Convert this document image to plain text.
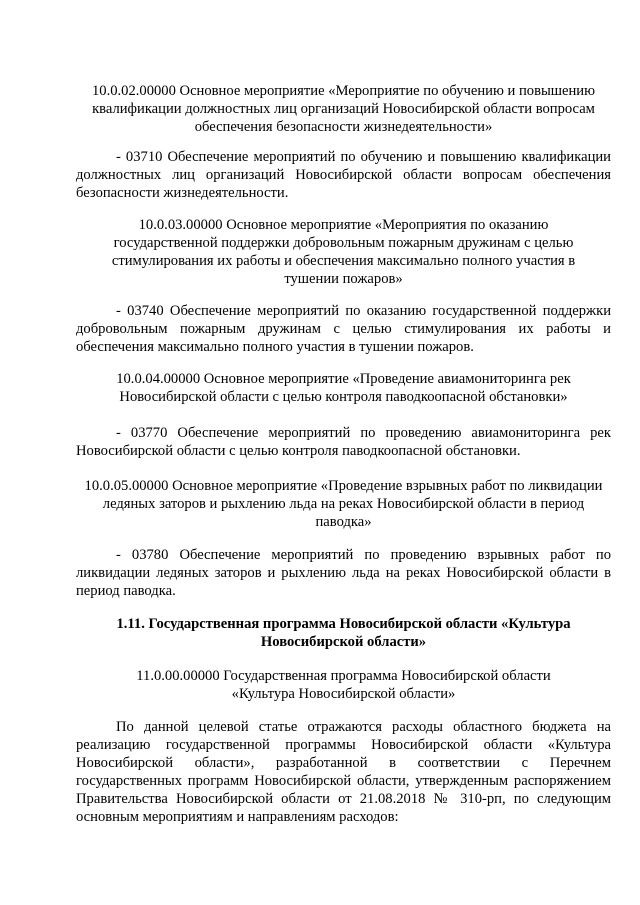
10.0.02.00000 Основное мероприятие «Мероприятие по обучению и повышению квалификации должностных лиц организаций Новосибирской области вопросам обеспечения безопасности жизнедеятельности»

- 03710 Обеспечение мероприятий по обучению и повышению квалификации должностных лиц организаций Новосибирской области вопросам обеспечения безопасности жизнедеятельности.

10.0.03.00000 Основное мероприятие «Мероприятия по оказанию государственной поддержки добровольным пожарным дружинам с целью стимулирования их работы и обеспечения максимально полного участия в тушении пожаров»

- 03740 Обеспечение мероприятий по оказанию государственной поддержки добровольным пожарным дружинам с целью стимулирования их работы и обеспечения максимально полного участия в тушении пожаров.

10.0.04.00000 Основное мероприятие «Проведение авиамониторинга рек Новосибирской области с целью контроля паводкоопасной обстановки»

- 03770 Обеспечение мероприятий по проведению авиамониторинга рек Новосибирской области с целью контроля паводкоопасной обстановки.

10.0.05.00000 Основное мероприятие «Проведение взрывных работ по ликвидации ледяных заторов и рыхлению льда на реках Новосибирской области в период паводка»

- 03780 Обеспечение мероприятий по проведению взрывных работ по ликвидации ледяных заторов и рыхлению льда на реках Новосибирской области в период паводка.

1.11. Государственная программа Новосибирской области «Культура Новосибирской области»

11.0.00.00000 Государственная программа Новосибирской области «Культура Новосибирской области»

По данной целевой статье отражаются расходы областного бюджета на реализацию государственной программы Новосибирской области «Культура Новосибирской области», разработанной в соответствии с Перечнем государственных программ Новосибирской области, утвержденным распоряжением Правительства Новосибирской области от 21.08.2018 № 310-рп, по следующим основным мероприятиям и направлениям расходов:
